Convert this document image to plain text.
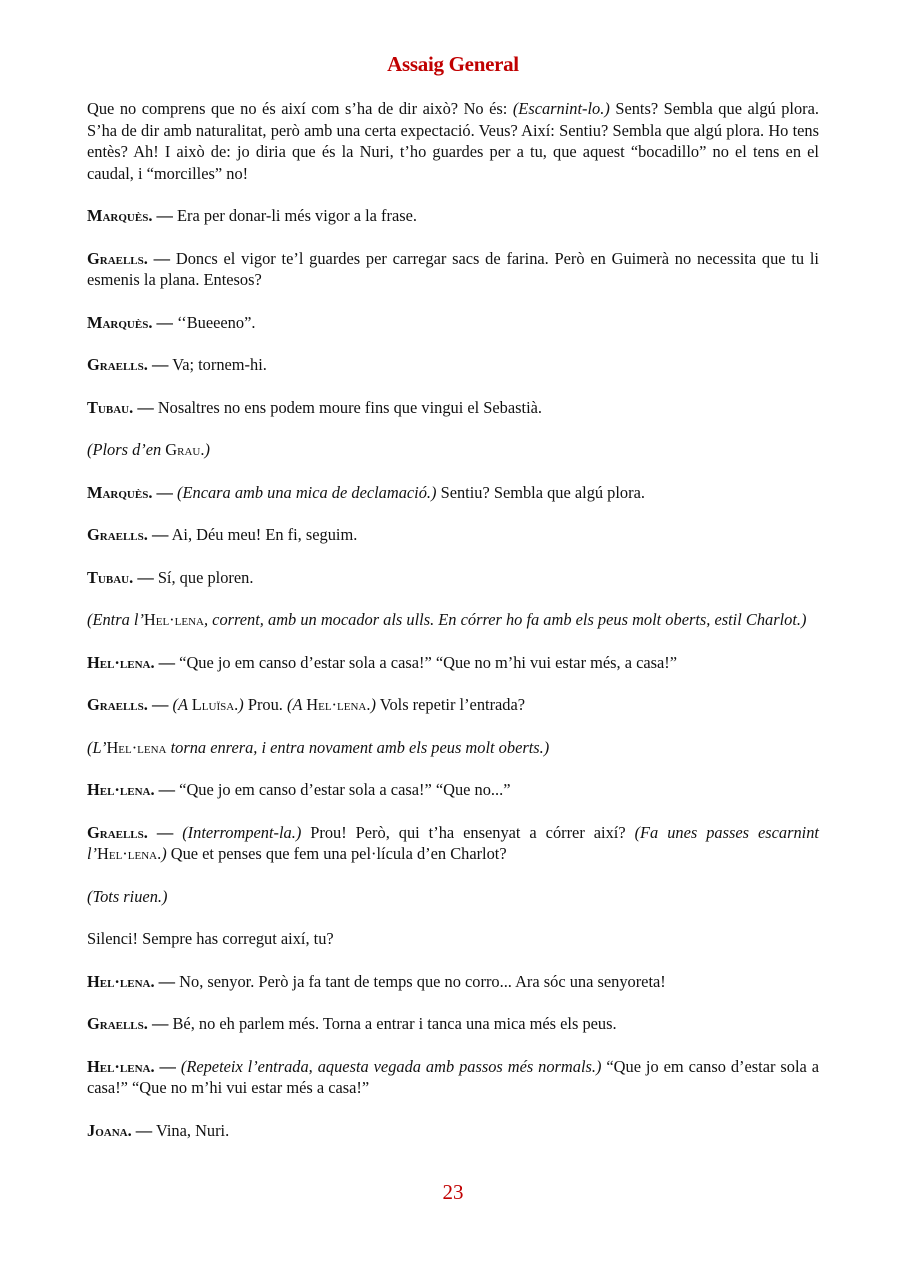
Assaig General

Que no comprens que no és així com s’ha de dir això? No és: (Escarnint-lo.) Sents? Sembla que algú plora. S’ha de dir amb naturalitat, però amb una certa expectació. Veus? Així: Sentiu? Sembla que algú plora. Ho tens entès? Ah! I això de: jo diria que és la Nuri, t’ho guardes per a tu, que aquest “bocadillo” no el tens en el caudal, i “morcilles” no!

Marquès. — Era per donar-li més vigor a la frase.

Graells. — Doncs el vigor te’l guardes per carregar sacs de farina. Però en Guimerà no necessita que tu li esmenis la plana. Entesos?

Marquès. — ‘‘Bueeeno”.

Graells. — Va; tornem-hi.

Tubau. — Nosaltres no ens podem moure fins que vingui el Sebastià.

(Plors d’en Grau.)

Marquès. — (Encara amb una mica de declamació.) Sentiu? Sembla que algú plora.

Graells. — Ai, Déu meu! En fi, seguim.

Tubau. — Sí, que ploren.

(Entra l’Hel·lena, corrent, amb un mocador als ulls. En córrer ho fa amb els peus molt oberts, estil Charlot.)

Hel·lena. — “Que jo em canso d’estar sola a casa!” “Que no m’hi vui estar més, a casa!”

Graells. — (A Lluïsa.) Prou. (A Hel·lena.) Vols repetir l’entrada?

(L’Hel·lena torna enrera, i entra novament amb els peus molt oberts.)

Hel·lena. — “Que jo em canso d’estar sola a casa!” “Que no...”

Graells. — (Interrompent-la.) Prou! Però, qui t’ha ensenyat a córrer així? (Fa unes passes escarnint l’Hel·lena.) Que et penses que fem una pel·lícula d’en Charlot?

(Tots riuen.)

Silenci! Sempre has corregut així, tu?

Hel·lena. — No, senyor. Però ja fa tant de temps que no corro... Ara sóc una senyoreta!

Graells. — Bé, no eh parlem més. Torna a entrar i tanca una mica més els peus.

Hel·lena. — (Repeteix l’entrada, aquesta vegada amb passos més normals.) “Que jo em canso d’estar sola a casa!” “Que no m’hi vui estar més a casa!”

Joana. — Vina, Nuri.

23
